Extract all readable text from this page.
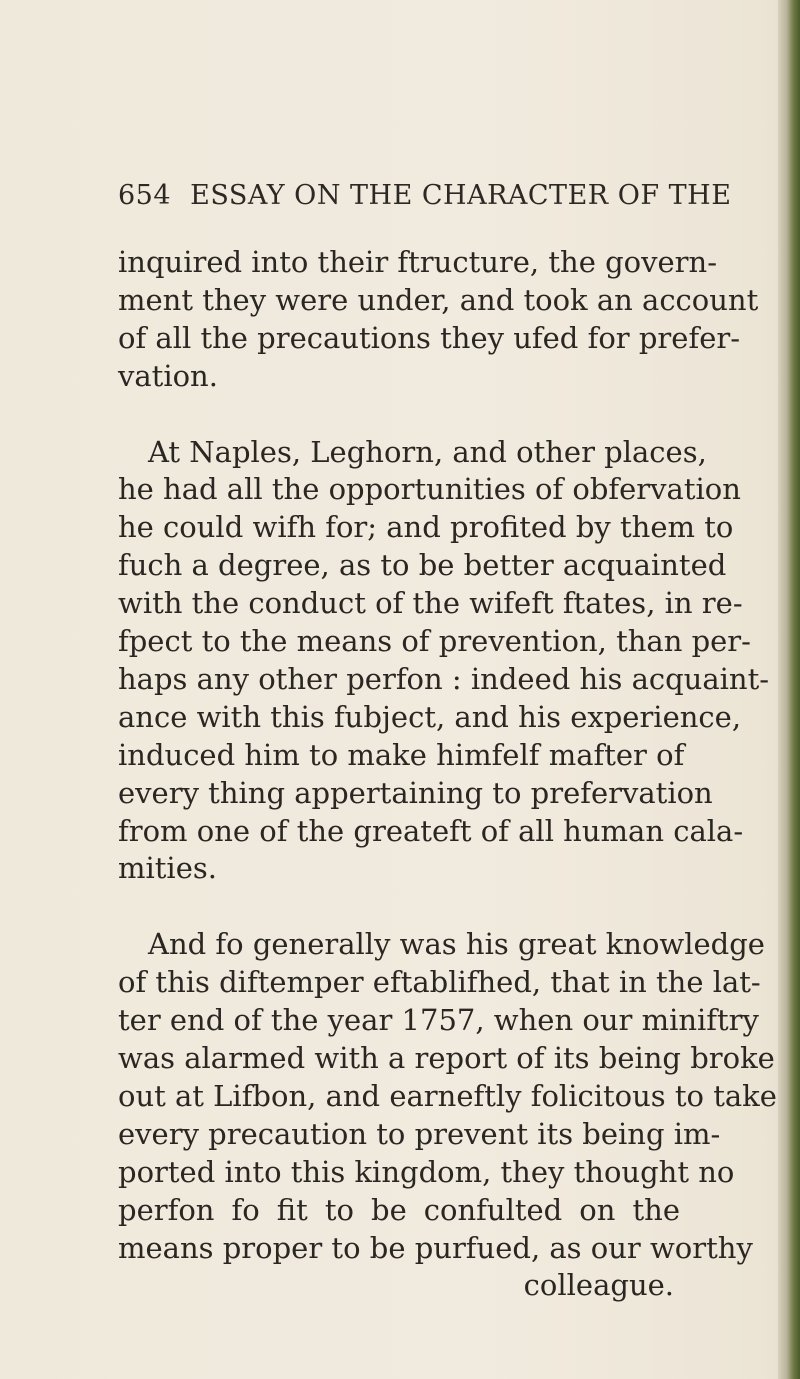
654 ESSAY ON THE CHARACTER OF THE

inquired into their ftructure, the govern-
ment they were under, and took an account
of all the precautions they ufed for prefer-
vation.

At Naples, Leghorn, and other places,
he had all the opportunities of obfervation
he could wifh for; and profited by them to
fuch a degree, as to be better acquainted
with the conduct of the wifeft ftates, in re-
fpect to the means of prevention, than per-
haps any other perfon : indeed his acquaint-
ance with this fubject, and his experience,
induced him to make himfelf mafter of
every thing appertaining to prefervation
from one of the greateft of all human cala-
mities.

And fo generally was his great knowledge
of this diftemper eftablifhed, that in the lat-
ter end of the year 1757, when our miniftry
was alarmed with a report of its being broke
out at Lifbon, and earneftly folicitous to take
every precaution to prevent its being im-
ported into this kingdom, they thought no
perfon fo fit to be confulted on the
means proper to be purfued, as our worthy
colleague.
